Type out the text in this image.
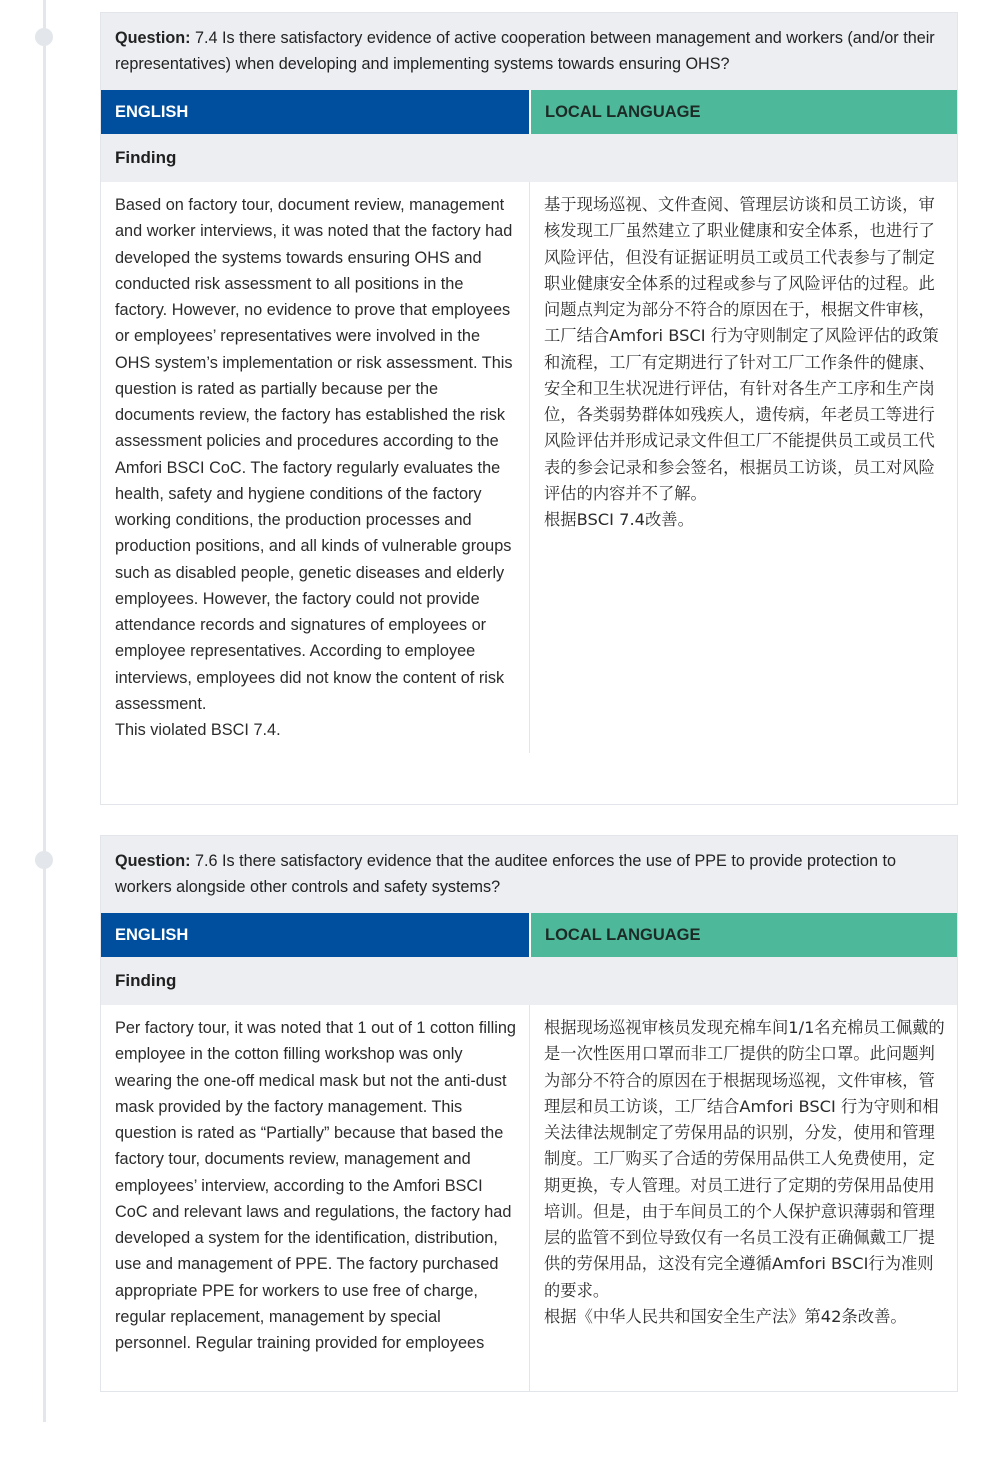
Question: 7.4 Is there satisfactory evidence of active cooperation between management and workers (and/or their representatives) when developing and implementing systems towards ensuring OHS?
ENGLISH	LOCAL LANGUAGE
Finding
Based on factory tour, document review, management and worker interviews, it was noted that the factory had developed the systems towards ensuring OHS and conducted risk assessment to all positions in the factory. However, no evidence to prove that employees or employees’ representatives were involved in the OHS system’s implementation or risk assessment. This question is rated as partially because per the documents review, the factory has established the risk assessment policies and procedures according to the Amfori BSCI CoC. The factory regularly evaluates the health, safety and hygiene conditions of the factory working conditions, the production processes and production positions, and all kinds of vulnerable groups such as disabled people, genetic diseases and elderly employees. However, the factory could not provide attendance records and signatures of employees or employee representatives. According to employee interviews, employees did not know the content of risk assessment.
This violated BSCI 7.4.
基于现场巡视、文件查阅、管理层访谈和员工访谈，审核发现工厂虽然建立了职业健康和安全体系，也进行了风险评估，但没有证据证明员工或员工代表参与了制定职业健康安全体系的过程或参与了风险评估的过程。此问题点判定为部分不符合的原因在于，根据文件审核，工厂结合Amfori BSCI 行为守则制定了风险评估的政策和流程，工厂有定期进行了针对工厂工作条件的健康、安全和卫生状况进行评估，有针对各生产工序和生产岗位，各类弱势群体如残疾人，遗传病，年老员工等进行风险评估并形成记录文件但工厂不能提供员工或员工代表的参会记录和参会签名，根据员工访谈，员工对风险评估的内容并不了解。
根据BSCI 7.4改善。
Question: 7.6 Is there satisfactory evidence that the auditee enforces the use of PPE to provide protection to workers alongside other controls and safety systems?
ENGLISH	LOCAL LANGUAGE
Finding
Per factory tour, it was noted that 1 out of 1 cotton filling employee in the cotton filling workshop was only wearing the one-off medical mask but not the anti-dust mask provided by the factory management. This question is rated as “Partially” because that based the factory tour, documents review, management and employees’ interview, according to the Amfori BSCI CoC and relevant laws and regulations, the factory had developed a system for the identification, distribution, use and management of PPE. The factory purchased appropriate PPE for workers to use free of charge, regular replacement, management by special personnel. Regular training provided for employees
根据现场巡视审核员发现充棉车间1/1名充棉员工佩戴的是一次性医用口罩而非工厂提供的防尘口罩。此问题判为部分不符合的原因在于根据现场巡视，文件审核，管理层和员工访谈，工厂结合Amfori BSCI 行为守则和相关法律法规制定了劳保用品的识别，分发，使用和管理制度。工厂购买了合适的劳保用品供工人免费使用，定期更换，专人管理。对员工进行了定期的劳保用品使用培训。但是，由于车间员工的个人保护意识薄弱和管理层的监管不到位导致仅有一名员工没有正确佩戴工厂提供的劳保用品，这没有完全遵循Amfori BSCI行为准则的要求。
根据《中华人民共和国安全生产法》第42条改善。
